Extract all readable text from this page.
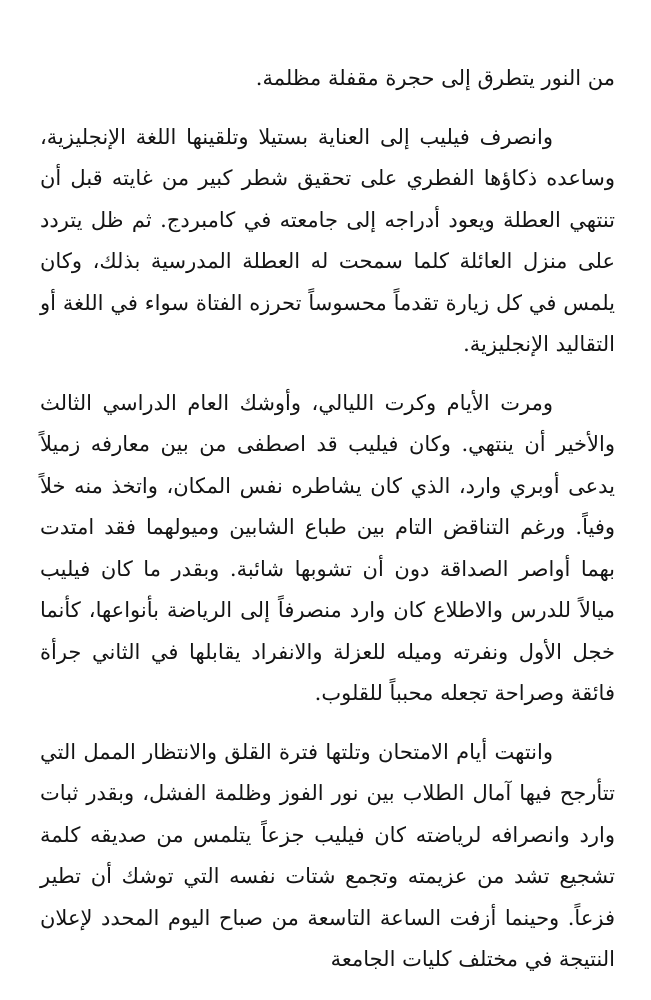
من النور يتطرق إلى حجرة مقفلة مظلمة.

وانصرف فيليب إلى العناية بستيلا وتلقينها اللغة الإنجليزية، وساعده ذكاؤها الفطري على تحقيق شطر كبير من غايته قبل أن تنتهي العطلة ويعود أدراجه إلى جامعته في كامبردج. ثم ظل يتردد على منزل العائلة كلما سمحت له العطلة المدرسية بذلك، وكان يلمس في كل زيارة تقدماً محسوساً تحرزه الفتاة سواء في اللغة أو التقاليد الإنجليزية.

ومرت الأيام وكرت الليالي، وأوشك العام الدراسي الثالث والأخير أن ينتهي. وكان فيليب قد اصطفى من بين معارفه زميلاً يدعى أوبري وارد، الذي كان يشاطره نفس المكان، واتخذ منه خلاً وفياً. ورغم التناقض التام بين طباع الشابين وميولهما فقد امتدت بهما أواصر الصداقة دون أن تشوبها شائبة. وبقدر ما كان فيليب ميالاً للدرس والاطلاع كان وارد منصرفاً إلى الرياضة بأنواعها، كأنما خجل الأول ونفرته وميله للعزلة والانفراد يقابلها في الثاني جرأة فائقة وصراحة تجعله محبباً للقلوب.

وانتهت أيام الامتحان وتلتها فترة القلق والانتظار الممل التي تتأرجح فيها آمال الطلاب بين نور الفوز وظلمة الفشل، وبقدر ثبات وارد وانصرافه لرياضته كان فيليب جزعاً يتلمس من صديقه كلمة تشجيع تشد من عزيمته وتجمع شتات نفسه التي توشك أن تطير فزعاً. وحينما أزفت الساعة التاسعة من صباح اليوم المحدد لإعلان النتيجة في مختلف كليات الجامعة
